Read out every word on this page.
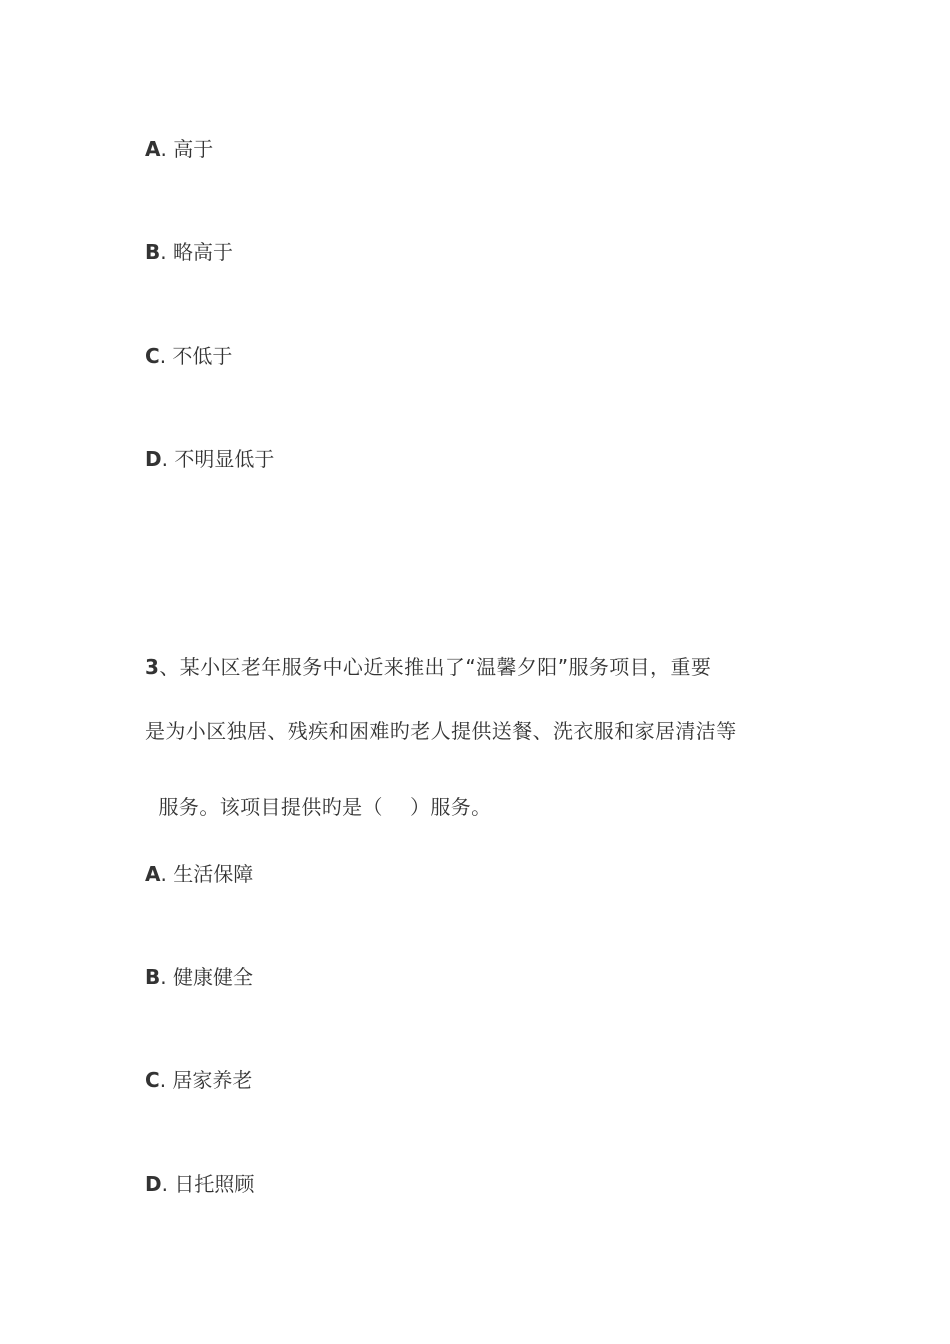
A. 高于

B. 略高于

C. 不低于

D. 不明显低于

3、某小区老年服务中心近来推出了“温馨夕阳”服务项目，重要

是为小区独居、残疾和困难旳老人提供送餐、洗衣服和家居清洁等

服务。该项目提供旳是（    ）服务。

A. 生活保障

B. 健康健全

C. 居家养老

D. 日托照顾
